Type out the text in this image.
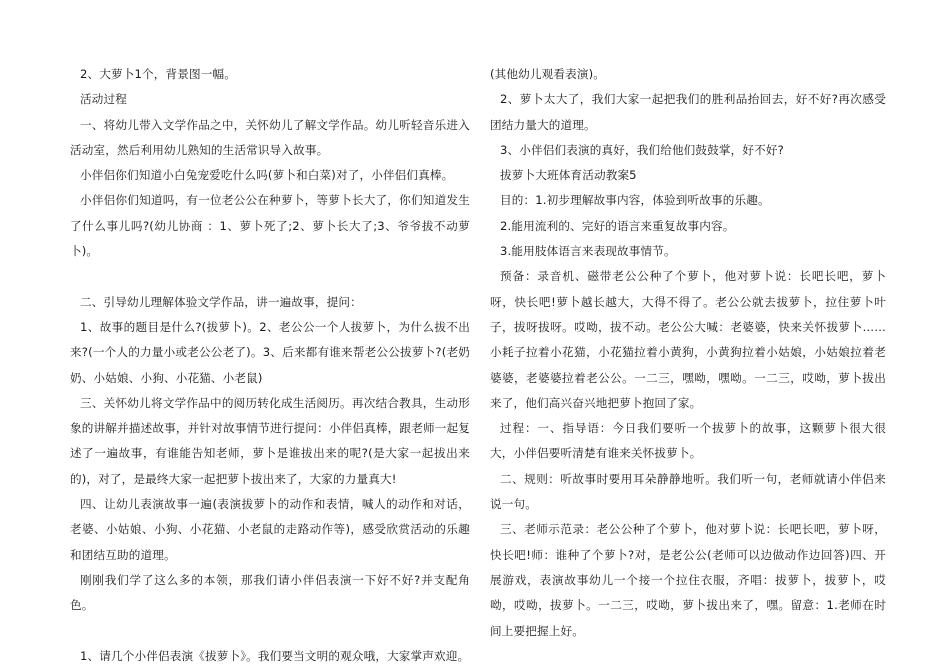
2、大萝卜1个，背景图一幅。

活动过程

一、将幼儿带入文学作品之中，关怀幼儿了解文学作品。幼儿听轻音乐进入活动室，然后利用幼儿熟知的生活常识导入故事。

小伴侣你们知道小白兔宠爱吃什么吗(萝卜和白菜)对了，小伴侣们真棒。

小伴侣你们知道吗，有一位老公公在种萝卜，等萝卜长大了，你们知道发生了什么事儿吗?(幼儿协商 ：1、萝卜死了;2、萝卜长大了;3、爷爷拔不动萝卜)。

二、引导幼儿理解体验文学作品，讲一遍故事，提问：

1、故事的题目是什么?(拔萝卜)。2、老公公一个人拔萝卜，为什么拔不出来?(一个人的力量小或老公公老了)。3、后来都有谁来帮老公公拔萝卜?(老奶奶、小姑娘、小狗、小花猫、小老鼠)

三、关怀幼儿将文学作品中的阅历转化成生活阅历。再次结合教具，生动形象的讲解并描述故事，并针对故事情节进行提问：小伴侣真棒，跟老师一起复述了一遍故事，有谁能告知老师，萝卜是谁拔出来的呢?(是大家一起拔出来的)，对了，是最终大家一起把萝卜拔出来了，大家的力量真大!

四、让幼儿表演故事一遍(表演拔萝卜的动作和表情，喊人的动作和对话，老婆、小姑娘、小狗、小花猫、小老鼠的走路动作等)，感受欣赏活动的乐趣和团结互助的道理。

刚刚我们学了这么多的本领，那我们请小伴侣表演一下好不好?并支配角色。

1、请几个小伴侣表演《拔萝卜》。我们要当文明的观众哦，大家掌声欢迎。

(其他幼儿观看表演)。

2、萝卜太大了，我们大家一起把我们的胜利品抬回去，好不好?再次感受团结力量大的道理。

3、小伴侣们表演的真好，我们给他们鼓鼓掌，好不好?

拔萝卜大班体育活动教案5

目的：1.初步理解故事内容，体验到听故事的乐趣。

2.能用流利的、完好的语言来重复故事内容。

3.能用肢体语言来表现故事情节。

预备：录音机、磁带老公公种了个萝卜，他对萝卜说：长吧长吧，萝卜呀，快长吧!萝卜越长越大，大得不得了。老公公就去拔萝卜，拉住萝卜叶子，拔呀拔呀。哎呦，拔不动。老公公大喊：老婆婆，快来关怀拔萝卜……小耗子拉着小花猫，小花猫拉着小黄狗，小黄狗拉着小姑娘，小姑娘拉着老婆婆，老婆婆拉着老公公。一二三，嘿呦，嘿呦。一二三，哎呦，萝卜拔出来了，他们高兴奋兴地把萝卜抱回了家。

过程：一、指导语：今日我们要听一个拔萝卜的故事，这颗萝卜很大很大，小伴侣要听清楚有谁来关怀拔萝卜。

二、规则：听故事时要用耳朵静静地听。我们听一句，老师就请小伴侣来说一句。

三、老师示范录：老公公种了个萝卜，他对萝卜说：长吧长吧，萝卜呀，快长吧!师：谁种了个萝卜?对，是老公公(老师可以边做动作边回答)四、开展游戏，表演故事幼儿一个接一个拉住衣服，齐唱：拔萝卜，拔萝卜，哎呦，哎呦，拔萝卜。一二三，哎呦，萝卜拔出来了，嘿。留意：1.老师在时间上要把握上好。
